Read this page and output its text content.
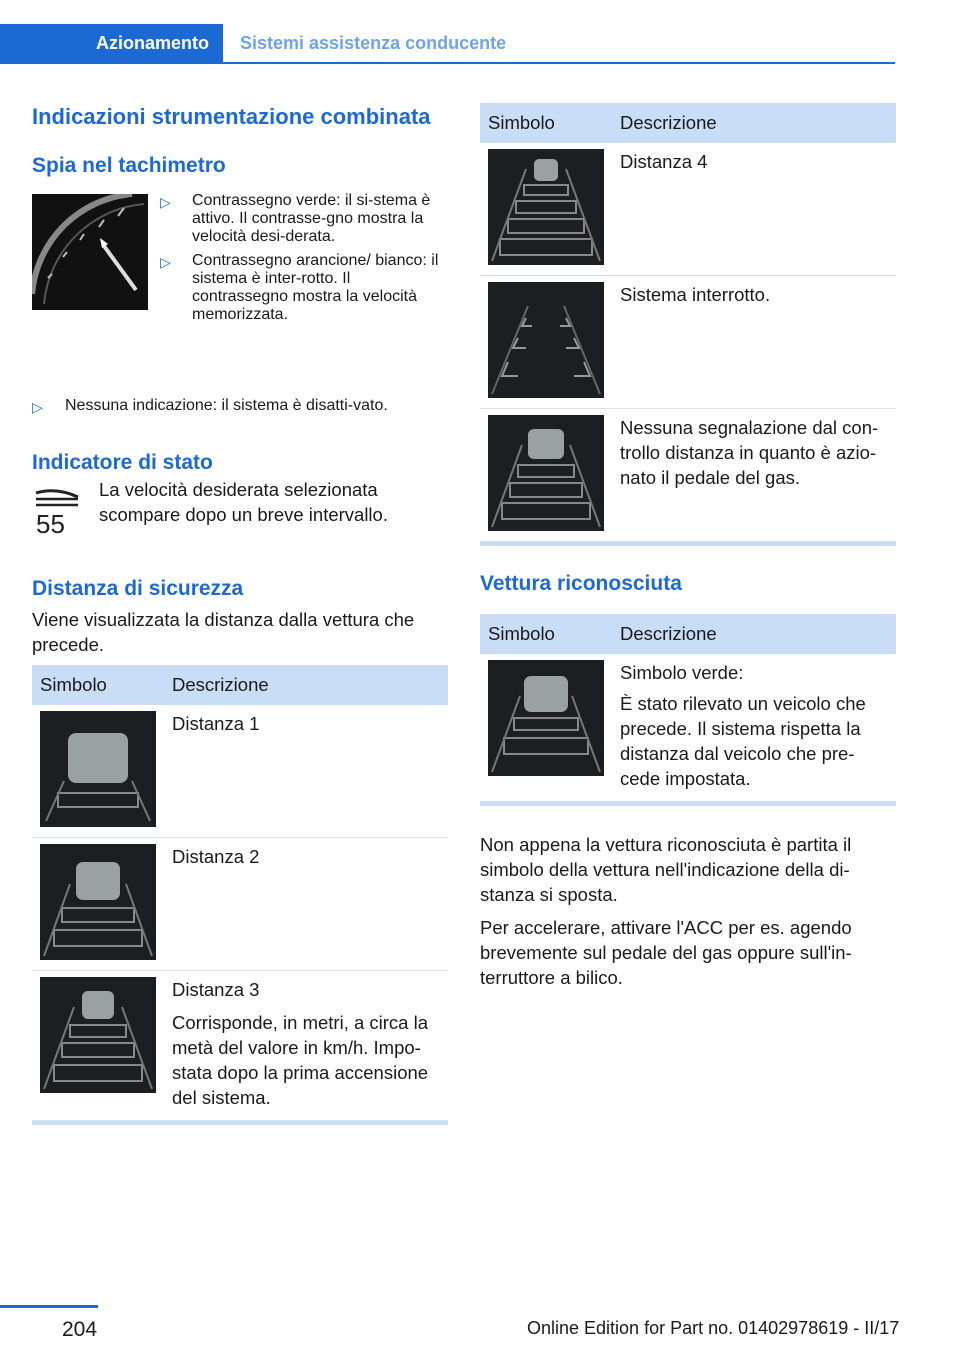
Azionamento	Sistemi assistenza conducente
Indicazioni strumentazione combinata
Spia nel tachimetro
▷ Contrassegno verde: il si-stema è attivo. Il contrasse-gno mostra la velocità desi-derata.
▷ Contrassegno arancione/ bianco: il sistema è inter-rotto. Il contrassegno mostra la velocità memorizzata.
▷ Nessuna indicazione: il sistema è disatti-vato.
Indicatore di stato
55

La velocità desiderata selezionata scompare dopo un breve intervallo.

Distanza di sicurezza

Viene visualizzata la distanza dalla vettura che precede.

Simbolo	Descrizione

	Distanza 1

	Distanza 2

Distanza 3
Corrisponde, in metri, a circa la metà del valore in km/h. Impo-stata dopo la prima accensione del sistema.
Simbolo	Descrizione

	Distanza 4

	Sistema interrotto.

	Nessuna segnalazione dal con-trollo distanza in quanto è azio-nato il pedale del gas.
Vettura riconosciuta
Simbolo	Descrizione

Simbolo verde:
È stato rilevato un veicolo che precede. Il sistema rispetta la distanza dal veicolo che pre-cede impostata.

Non appena la vettura riconosciuta è partita il simbolo della vettura nell'indicazione della di-stanza si sposta.

Per accelerare, attivare l'ACC per es. agendo brevemente sul pedale del gas oppure sull'in-terruttore a bilico.

204	Online Edition for Part no. 01402978619 - II/17
